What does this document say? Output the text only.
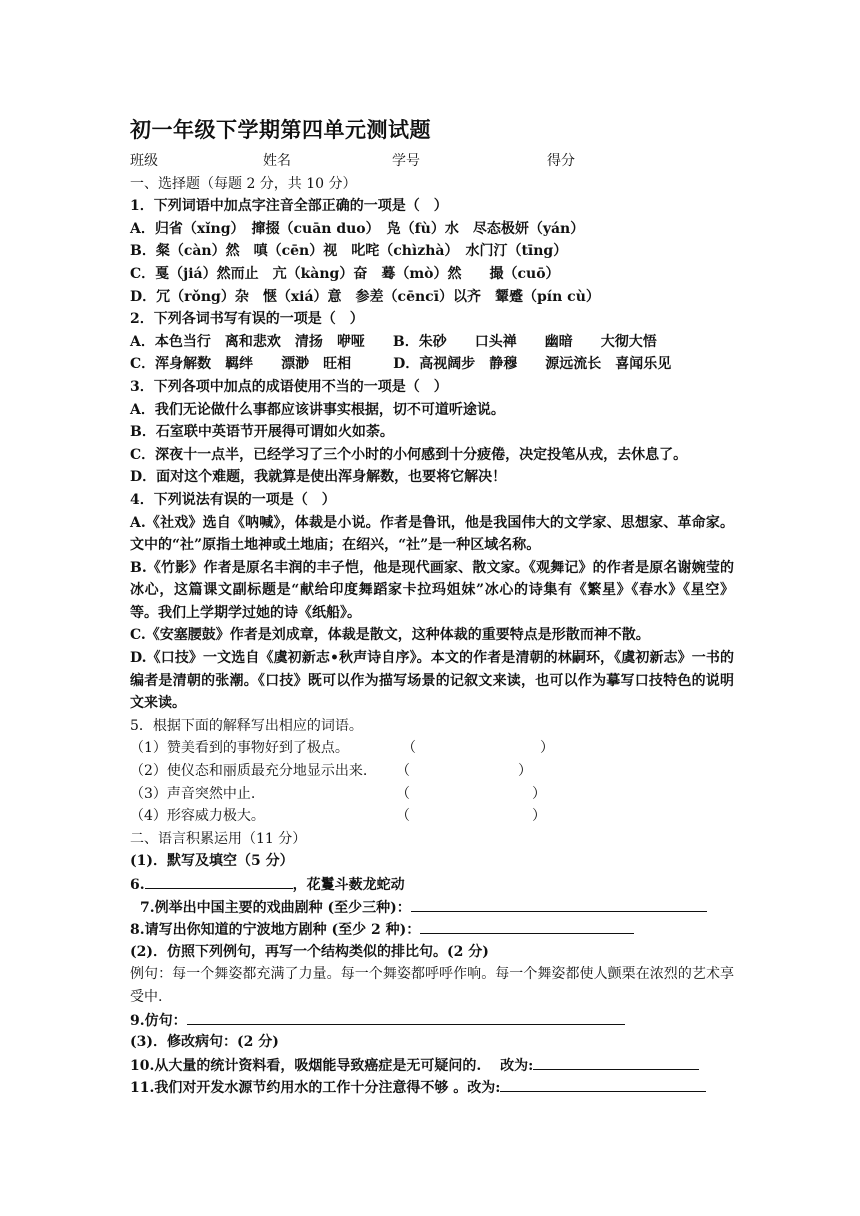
初一年级下学期第四单元测试题
班级	姓名	学号	得分
一、选择题（每题 2 分，共 10 分）
1．下列词语中加点字注音全部正确的一项是（　）
A．归省（xǐng）　撺掇（cuān duo）　凫（fù）水　尽态极妍（yán）
B．粲（càn）然　嗔（cēn）视　叱咤（chìzhà）　水门汀（tīng）
C．戛（jiá）然而止　亢（kàng）奋　蓦（mò）然　　撮（cuō）
D．冗（rǒng）杂　惬（xiá）意　参差（cēncī）以齐　颦蹙（pín cù）
2．下列各词书写有误的一项是（　）
A．本色当行　离和悲欢　清扬　咿哑　　B．朱砂　　口头禅　　幽暗　　大彻大悟
C．浑身解数　羁绊　　漂渺　旺相　　　D．高视阔步　静穆　　源远流长　喜闻乐见
3．下列各项中加点的成语使用不当的一项是（　）
A．我们无论做什么事都应该讲事实根据，切不可道听途说。
B．石室联中英语节开展得可谓如火如荼。
C．深夜十一点半，已经学习了三个小时的小何感到十分疲倦，决定投笔从戎，去休息了。
D．面对这个难题，我就算是使出浑身解数，也要将它解决！
4．下列说法有误的一项是（　）
A.《社戏》选自《呐喊》，体裁是小说。作者是鲁讯，他是我国伟大的文学家、思想家、革命家。文中的“社”原指土地神或土地庙；在绍兴，“社”是一种区域名称。
B.《竹影》作者是原名丰润的丰子恺，他是现代画家、散文家。《观舞记》的作者是原名谢婉莹的冰心，这篇课文副标题是“献给印度舞蹈家卡拉玛姐妹”冰心的诗集有《繁星》《春水》《星空》等。我们上学期学过她的诗《纸船》。
C.《安塞腰鼓》作者是刘成章，体裁是散文，这种体裁的重要特点是形散而神不散。
D.《口技》一文选自《虞初新志•秋声诗自序》。本文的作者是清朝的林嗣环，《虞初新志》一书的编者是清朝的张潮。《口技》既可以作为描写场景的记叙文来读，也可以作为摹写口技特色的说明文来读。
5．根据下面的解释写出相应的词语。
（1）赞美看到的事物好到了极点。	（	）
（2）使仪态和丽质最充分地显示出来. （	）
（3）声音突然中止.	（	）
（4）形容威力极大。	（	）
二、语言积累运用（11 分）
(1)．默写及填空（5 分）
6.	，花鬘斗薮龙蛇动
7.例举出中国主要的戏曲剧种 (至少三种)：
8.请写出你知道的宁波地方剧种 (至少 2 种)：
(2)．仿照下列例句，再写一个结构类似的排比句。(2 分)
例句：每一个舞姿都充满了力量。每一个舞姿都呼呼作响。每一个舞姿都使人颤栗在浓烈的艺术享受中.
9.仿句：
(3)．修改病句：(2 分)
10.从大量的统计资料看，吸烟能导致癌症是无可疑问的.　 改为:
11.我们对开发水源节约用水的工作十分注意得不够 。改为:
